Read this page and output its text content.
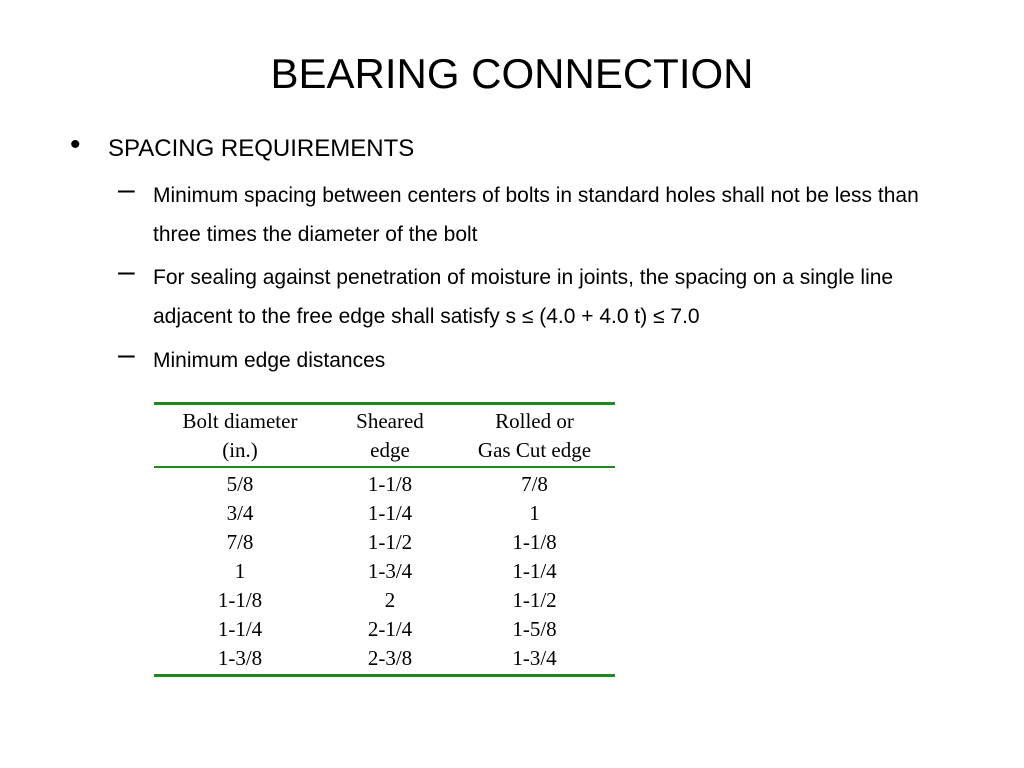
BEARING CONNECTION
• SPACING REQUIREMENTS
– Minimum spacing between centers of bolts in standard holes shall not be less than three times the diameter of the bolt
– For sealing against penetration of moisture in joints, the spacing on a single line adjacent to the free edge shall satisfy s ≤ (4.0 + 4.0 t) ≤ 7.0
– Minimum edge distances
Bolt diameter	Sheared	Rolled or
(in.)	edge	Gas Cut edge
5/8	1-1/8	7/8
3/4	1-1/4	1
7/8	1-1/2	1-1/8
1	1-3/4	1-1/4
1-1/8	2	1-1/2
1-1/4	2-1/4	1-5/8
1-3/8	2-3/8	1-3/4
